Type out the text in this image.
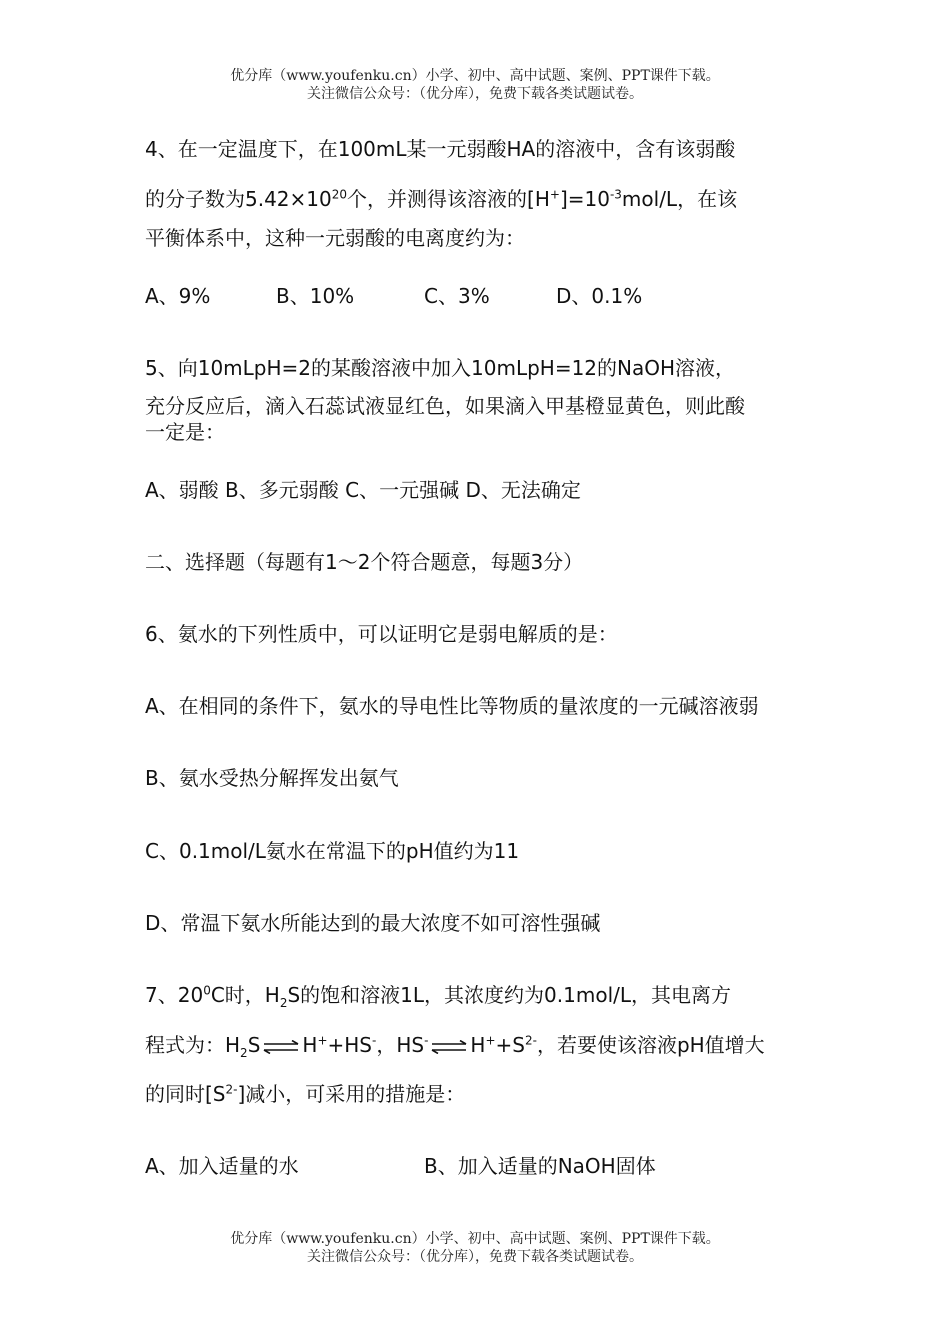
优分库（www.youfenku.cn）小学、初中、高中试题、案例、PPT课件下载。
关注微信公众号：（优分库），免费下载各类试题试卷。
4、在一定温度下，在100mL某一元弱酸HA的溶液中，含有该弱酸
的分子数为$5.42\times 10^{20}$个，并测得该溶液的$[H^+]=10^{-3}mol/L$，在该
平衡体系中，这种一元弱酸的电离度约为：
A、9%	B、10%	C、3%	D、0.1%
5、向10mLpH=2的某酸溶液中加入10mLpH=12的NaOH溶液，
充分反应后，滴入石蕊试液显红色，如果滴入甲基橙显黄色，则此酸
一定是：
A、弱酸 B、多元弱酸 C、一元强碱 D、无法确定
二、选择题（每题有1～2个符合题意，每题3分）
6、氨水的下列性质中，可以证明它是弱电解质的是：
A、在相同的条件下，氨水的导电性比等物质的量浓度的一元碱溶液弱
B、氨水受热分解挥发出氨气
C、0.1mol/L氨水在常温下的pH值约为11
D、常温下氨水所能达到的最大浓度不如可溶性强碱
7、$20^0C$时，$H_2S$的饱和溶液1L，其浓度约为0.1mol/L，其电离方
程式为：$H_2S$ ⇌ H++HS-，HS- ⇌ $H^++S^{2-}$，若要使该溶液pH值增大
的同时$[S^{2-}]$减小，可采用的措施是：
A、加入适量的水	B、加入适量的NaOH固体
优分库（www.youfenku.cn）小学、初中、高中试题、案例、PPT课件下载。
关注微信公众号：（优分库），免费下载各类试题试卷。
